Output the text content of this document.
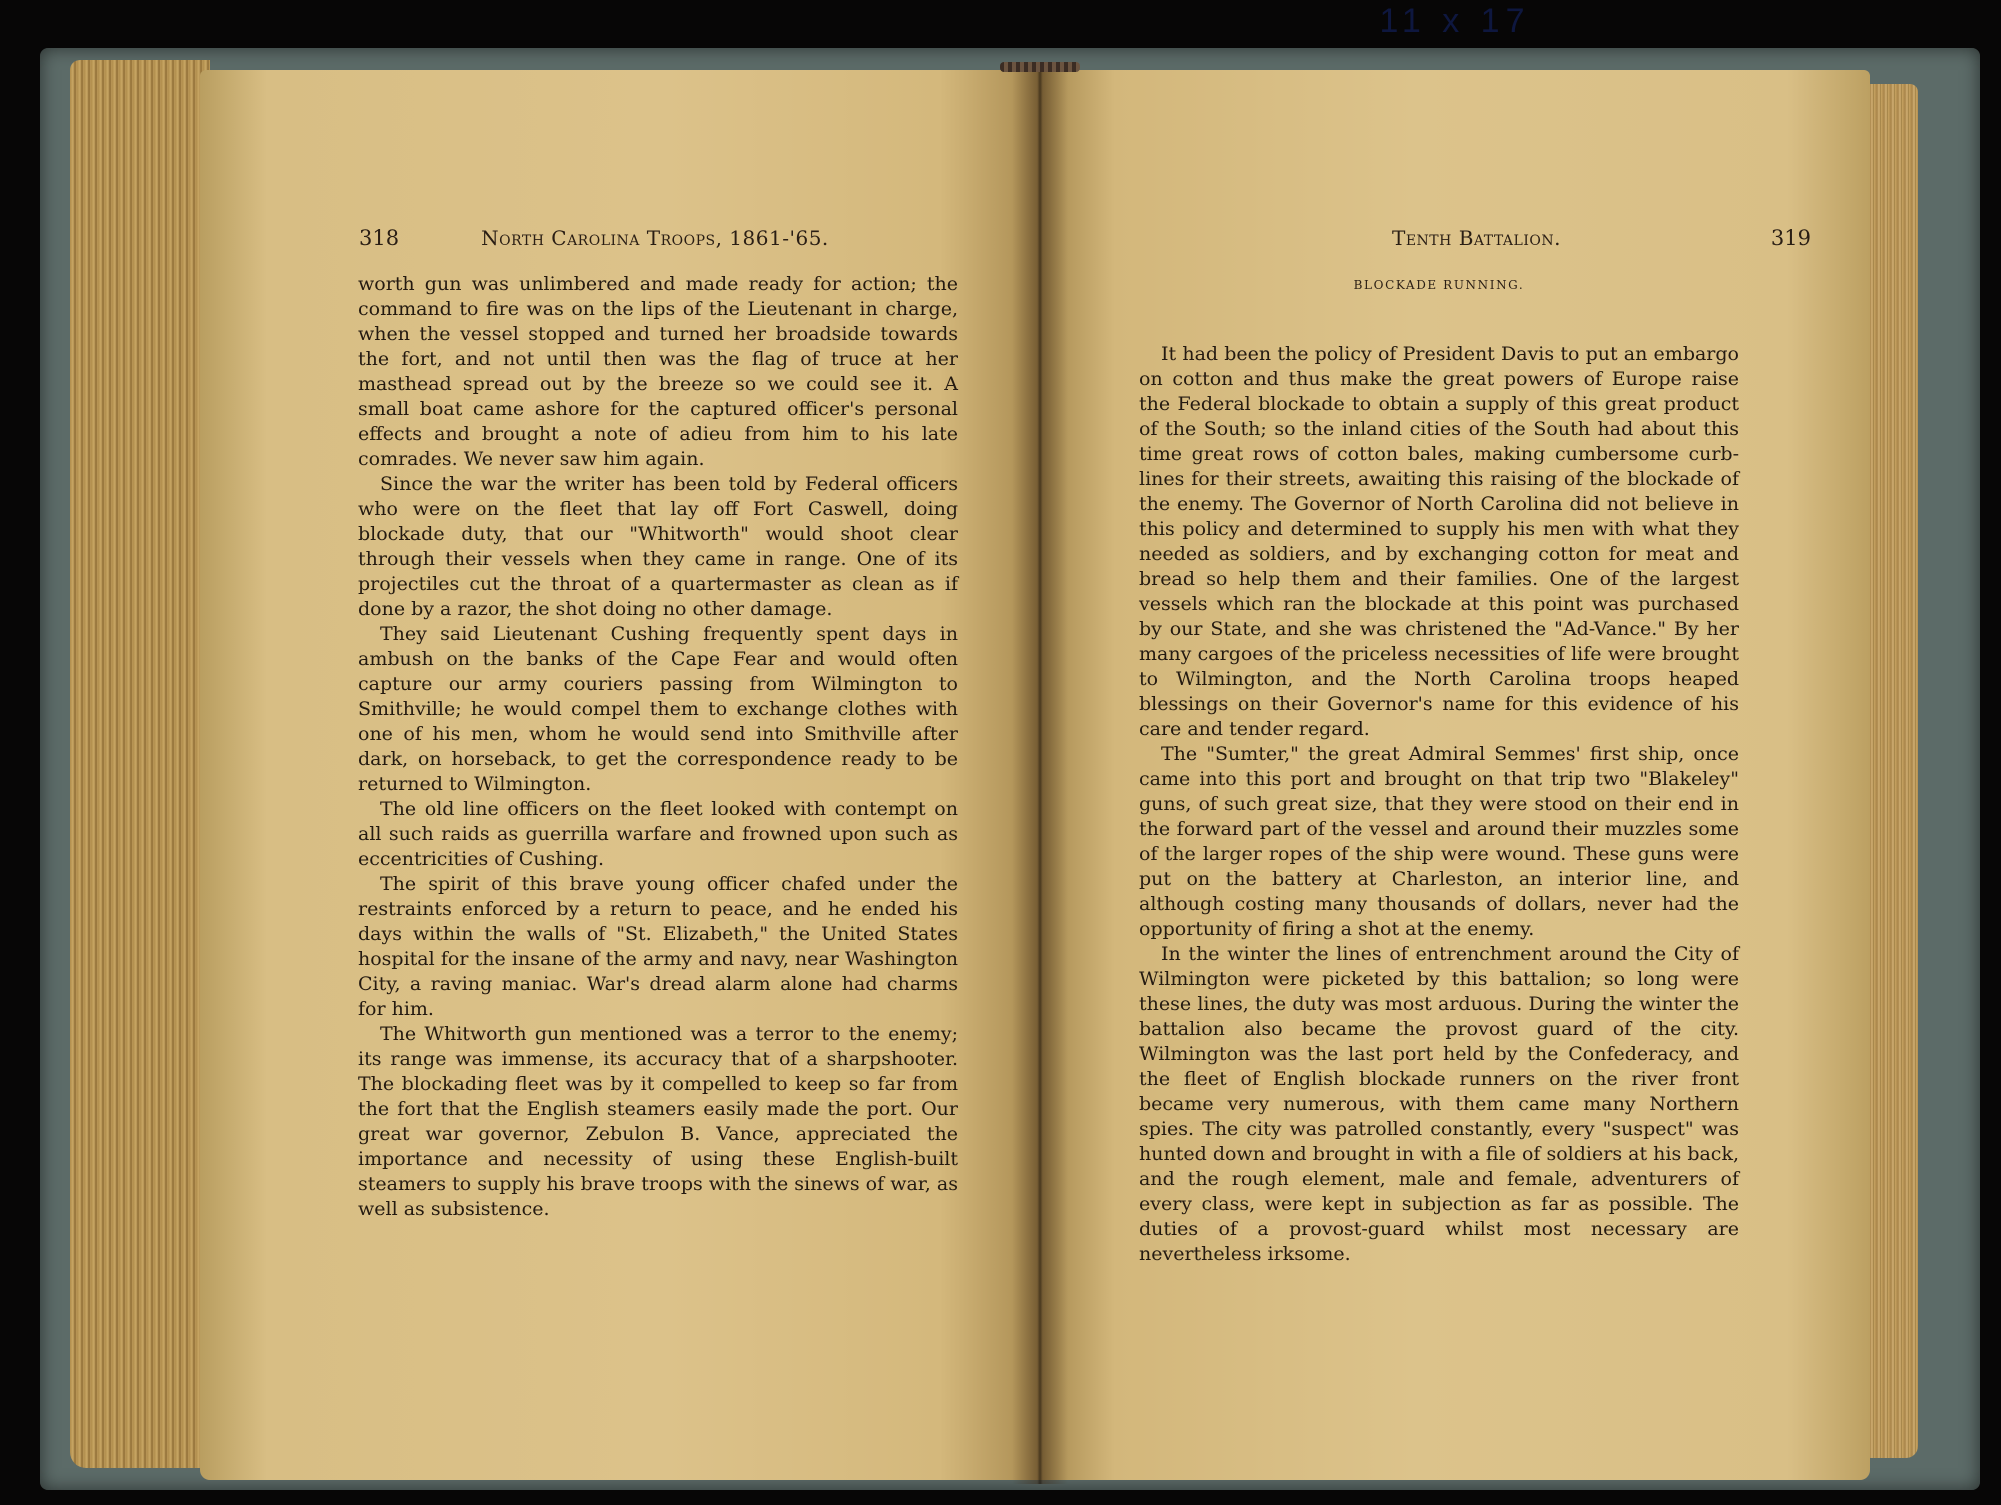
11 x 17
318	North Carolina Troops, 1861-'65.

worth gun was unlimbered and made ready for action; the command to fire was on the lips of the Lieutenant in charge, when the vessel stopped and turned her broadside towards the fort, and not until then was the flag of truce at her masthead spread out by the breeze so we could see it. A small boat came ashore for the captured officer's personal effects and brought a note of adieu from him to his late comrades. We never saw him again.

Since the war the writer has been told by Federal officers who were on the fleet that lay off Fort Caswell, doing blockade duty, that our "Whitworth" would shoot clear through their vessels when they came in range. One of its projectiles cut the throat of a quartermaster as clean as if done by a razor, the shot doing no other damage.

They said Lieutenant Cushing frequently spent days in ambush on the banks of the Cape Fear and would often capture our army couriers passing from Wilmington to Smithville; he would compel them to exchange clothes with one of his men, whom he would send into Smithville after dark, on horseback, to get the correspondence ready to be returned to Wilmington.

The old line officers on the fleet looked with contempt on all such raids as guerrilla warfare and frowned upon such as eccentricities of Cushing.

The spirit of this brave young officer chafed under the restraints enforced by a return to peace, and he ended his days within the walls of "St. Elizabeth," the United States hospital for the insane of the army and navy, near Washington City, a raving maniac. War's dread alarm alone had charms for him.

The Whitworth gun mentioned was a terror to the enemy; its range was immense, its accuracy that of a sharpshooter. The blockading fleet was by it compelled to keep so far from the fort that the English steamers easily made the port. Our great war governor, Zebulon B. Vance, appreciated the importance and necessity of using these English-built steamers to supply his brave troops with the sinews of war, as well as subsistence.

Tenth Battalion.	319
BLOCKADE RUNNING.

It had been the policy of President Davis to put an embargo on cotton and thus make the great powers of Europe raise the Federal blockade to obtain a supply of this great product of the South; so the inland cities of the South had about this time great rows of cotton bales, making cumbersome curb-lines for their streets, awaiting this raising of the blockade of the enemy. The Governor of North Carolina did not believe in this policy and determined to supply his men with what they needed as soldiers, and by exchanging cotton for meat and bread so help them and their families. One of the largest vessels which ran the blockade at this point was purchased by our State, and she was christened the "Ad-Vance." By her many cargoes of the priceless necessities of life were brought to Wilmington, and the North Carolina troops heaped blessings on their Governor's name for this evidence of his care and tender regard.

The "Sumter," the great Admiral Semmes' first ship, once came into this port and brought on that trip two "Blakeley" guns, of such great size, that they were stood on their end in the forward part of the vessel and around their muzzles some of the larger ropes of the ship were wound. These guns were put on the battery at Charleston, an interior line, and although costing many thousands of dollars, never had the opportunity of firing a shot at the enemy.

In the winter the lines of entrenchment around the City of Wilmington were picketed by this battalion; so long were these lines, the duty was most arduous. During the winter the battalion also became the provost guard of the city. Wilmington was the last port held by the Confederacy, and the fleet of English blockade runners on the river front became very numerous, with them came many Northern spies. The city was patrolled constantly, every "suspect" was hunted down and brought in with a file of soldiers at his back, and the rough element, male and female, adventurers of every class, were kept in subjection as far as possible. The duties of a provost-guard whilst most necessary are nevertheless irksome.
